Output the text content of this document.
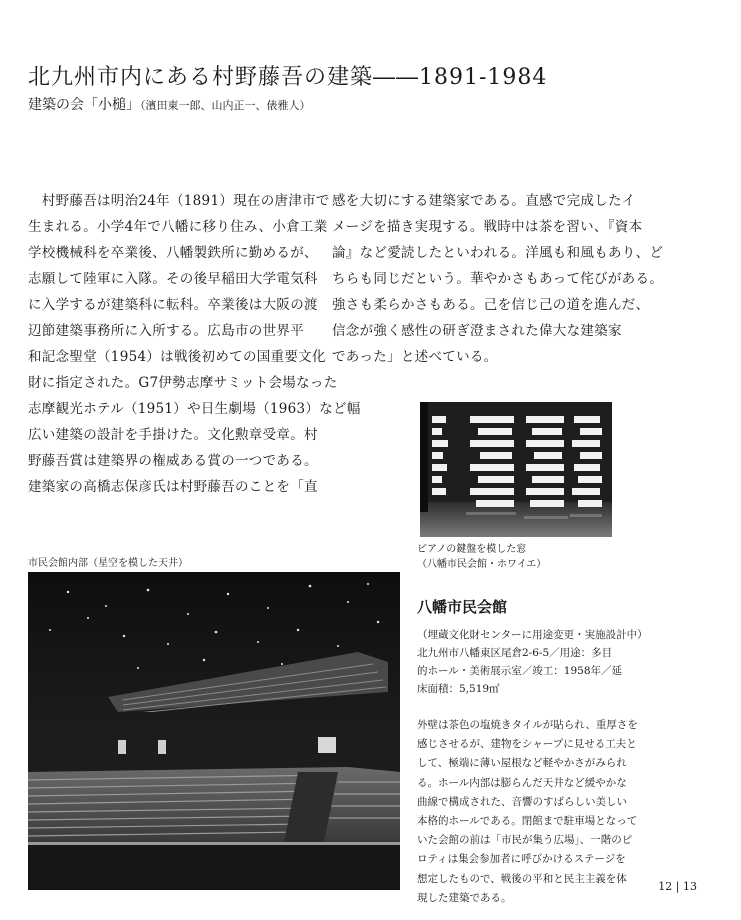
北九州市内にある村野藤吾の建築――1891-1984
建築の会「小槌」（濱田東一郎、山内正一、俵雅人）
　村野藤吾は明治24年（1891）現在の唐津市で
生まれる。小学4年で八幡に移り住み、小倉工業
学校機械科を卒業後、八幡製鉄所に勤めるが、
志願して陸軍に入隊。その後早稲田大学電気科
に入学するが建築科に転科。卒業後は大阪の渡
辺節建築事務所に入所する。広島市の世界平
和記念聖堂（1954）は戦後初めての国重要文化
財に指定された。G7伊勢志摩サミット会場なった
志摩観光ホテル（1951）や日生劇場（1963）など幅
広い建築の設計を手掛けた。文化勲章受章。村
野藤吾賞は建築界の権威ある賞の一つである。
建築家の高橋志保彦氏は村野藤吾のことを「直
感を大切にする建築家である。直感で完成したイ
メージを描き実現する。戦時中は茶を習い、『資本
論』など愛読したといわれる。洋風も和風もあり、ど
ちらも同じだという。華やかさもあって侘びがある。
強さも柔らかさもある。己を信じ己の道を進んだ、
信念が強く感性の研ぎ澄まされた偉大な建築家
であった」と述べている。
ピアノの鍵盤を模した窓
（八幡市民会館・ホワイエ）
市民会館内部（星空を模した天井）
八幡市民会館
（埋蔵文化財センターに用途変更・実施設計中）
北九州市八幡東区尾倉2-6-5／用途：多目
的ホール・美術展示室／竣工：1958年／延
床面積：5,519㎡
外壁は茶色の塩焼きタイルが貼られ、重厚さを
感じさせるが、建物をシャープに見せる工夫と
して、極端に薄い屋根など軽やかさがみられ
る。ホール内部は膨らんだ天井など緩やかな
曲線で構成された、音響のすばらしい美しい
本格的ホールである。閉館まで駐車場となって
いた会館の前は「市民が集う広場」、一階のピ
ロティは集会参加者に呼びかけるステージを
想定したもので、戦後の平和と民主主義を体
現した建築である。
12 | 13
